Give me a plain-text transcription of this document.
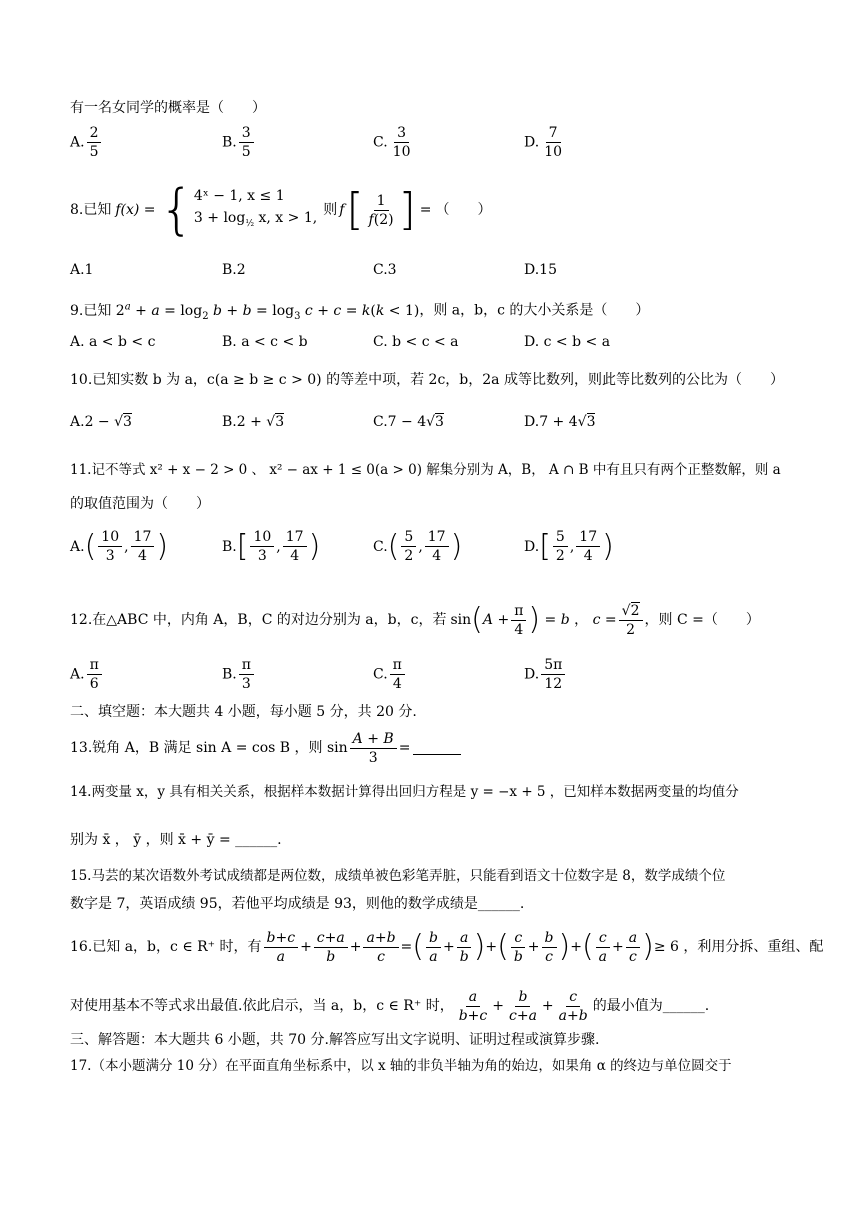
有一名女同学的概率是（　　）
A. $\frac{2}{5}$	B. $\frac{3}{5}$	C. $\frac{3}{10}$	D. $\frac{7}{10}$
8.已知 f(x) = { 4ˣ − 1, x ≤ 1
$3 + \log_{\frac{1}{2}} x$, x > 1,
则 f [ $\frac{1}{f(2)}$ ] = （　　）
A.1	B.2	C.3	D.15
9.已知 $2^a + a = \log_2 b + b = \log_3 c + c = k(k < 1)$，则 a，b，c 的大小关系是（　　）
A. a < b < c	B. a < c < b	C. b < c < a	D. c < b < a
10.已知实数 b 为 a，c(a ≥ b ≥ c > 0) 的等差中项，若 2c，b，2a 成等比数列，则此等比数列的公比为（　　）
A.2 − √3	B.2 + √3	C.7 − 4√3	D.7 + 4√3
11.记不等式 x² + x − 2 > 0 、 x² − ax + 1 ≤ 0(a > 0) 解集分别为 A，B， A ∩ B 中有且只有两个正整数解，则 a
的取值范围为（　　）
A. ( $\frac{10}{3}$ , $\frac{17}{4}$ )	B. [ $\frac{10}{3}$ , $\frac{17}{4}$ )	C. ( $\frac{5}{2}$ , $\frac{17}{4}$ )	D. [ $\frac{5}{2}$ , $\frac{17}{4}$ )
12.在△ABC 中，内角 A，B，C 的对边分别为 a，b，c，若 sin ( $A + \frac{\pi}{4}$ ) = b ， $c = \frac{√2}{2}$ ，则 C =（　　）
A. $\frac{\pi}{6}$	B. $\frac{\pi}{3}$	C. $\frac{\pi}{4}$	D. $\frac{5\pi}{12}$
二、填空题：本大题共 4 小题，每小题 5 分，共 20 分.
13.锐角 A，B 满足 sin A = cos B ，则 $\sin \frac{A + B}{3}$ =
14.两变量 x，y 具有相关关系，根据样本数据计算得出回归方程是 y = −x + 5 ，已知样本数据两变量的均值分
别为 x̄ ， ȳ ，则 x̄ + ȳ = ______.
15.马芸的某次语数外考试成绩都是两位数，成绩单被色彩笔弄脏，只能看到语文十位数字是 8，数学成绩个位
数字是 7，英语成绩 95，若他平均成绩是 93，则他的数学成绩是______.
16.已知 a，b，c ∈ R⁺ 时，有 $\frac{b+c}{a} + \frac{c+a}{b} + \frac{a+b}{c}$ = ( $\frac{b}{a} + \frac{a}{b}$ ) + ( $\frac{c}{b} + \frac{b}{c}$ ) + ( $\frac{c}{a} + \frac{a}{c}$ ) ≥ 6 ，利用分拆、重组、配
对使用基本不等式求出最值.依此启示，当 a，b，c ∈ R⁺ 时， $\frac{a}{b+c} + \frac{b}{c+a} + \frac{c}{a+b}$ 的最小值为______.
三、解答题：本大题共 6 小题，共 70 分.解答应写出文字说明、证明过程或演算步骤.
17.（本小题满分 10 分）在平面直角坐标系中，以 x 轴的非负半轴为角的始边，如果角 α 的终边与单位圆交于
